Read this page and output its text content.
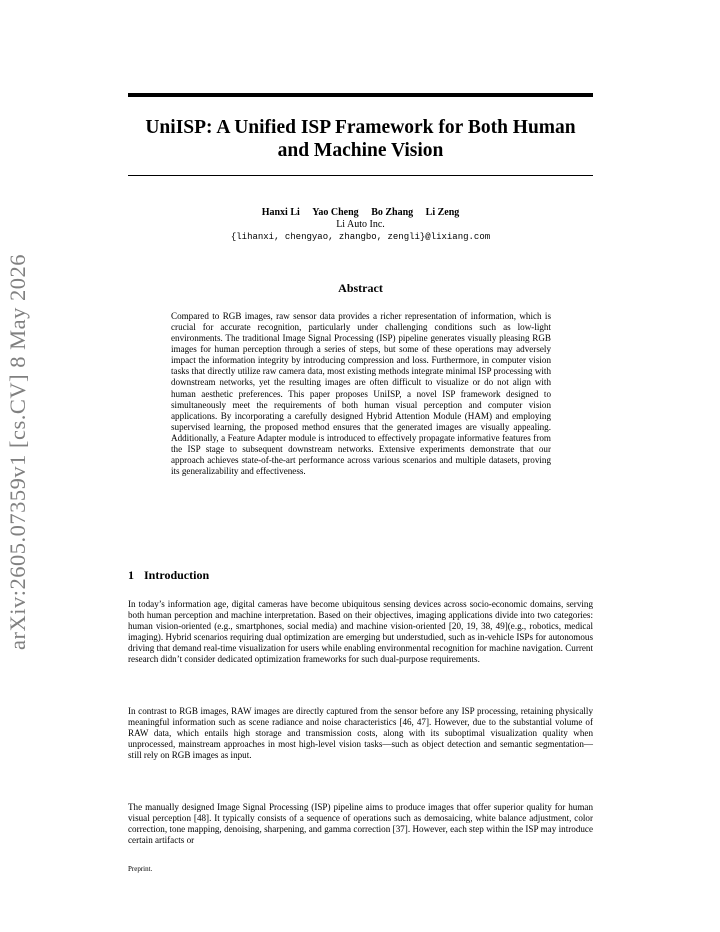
arXiv:2605.07359v1 [cs.CV] 8 May 2026
UniISP: A Unified ISP Framework for Both Human
and Machine Vision
Hanxi Li Yao Cheng Bo Zhang Li Zeng
Li Auto Inc.
{lihanxi, chengyao, zhangbo, zengli}@lixiang.com
Abstract

Compared to RGB images, raw sensor data provides a richer representation of information, which is crucial for accurate recognition, particularly under challenging conditions such as low-light environments. The traditional Image Signal Processing (ISP) pipeline generates visually pleasing RGB images for human perception through a series of steps, but some of these operations may adversely impact the information integrity by introducing compression and loss. Furthermore, in computer vision tasks that directly utilize raw camera data, most existing methods integrate minimal ISP processing with downstream networks, yet the resulting images are often difficult to visualize or do not align with human aesthetic preferences. This paper proposes UniISP, a novel ISP framework designed to simultaneously meet the requirements of both human visual perception and computer vision applications. By incorporating a carefully designed Hybrid Attention Module (HAM) and employing supervised learning, the proposed method ensures that the generated images are visually appealing. Additionally, a Feature Adapter module is introduced to effectively propagate informative features from the ISP stage to subsequent downstream networks. Extensive experiments demonstrate that our approach achieves state-of-the-art performance across various scenarios and multiple datasets, proving its generalizability and effectiveness.

1 Introduction

In today’s information age, digital cameras have become ubiquitous sensing devices across socio-economic domains, serving both human perception and machine interpretation. Based on their objectives, imaging applications divide into two categories: human vision-oriented (e.g., smartphones, social media) and machine vision-oriented [20, 19, 38, 49](e.g., robotics, medical imaging). Hybrid scenarios requiring dual optimization are emerging but understudied, such as in-vehicle ISPs for autonomous driving that demand real-time visualization for users while enabling environmental recognition for machine navigation. Current research didn’t consider dedicated optimization frameworks for such dual-purpose requirements.

In contrast to RGB images, RAW images are directly captured from the sensor before any ISP processing, retaining physically meaningful information such as scene radiance and noise characteristics [46, 47]. However, due to the substantial volume of RAW data, which entails high storage and transmission costs, along with its suboptimal visualization quality when unprocessed, mainstream approaches in most high-level vision tasks—such as object detection and semantic segmentation—still rely on RGB images as input.

The manually designed Image Signal Processing (ISP) pipeline aims to produce images that offer superior quality for human visual perception [48]. It typically consists of a sequence of operations such as demosaicing, white balance adjustment, color correction, tone mapping, denoising, sharpening, and gamma correction [37]. However, each step within the ISP may introduce certain artifacts or

Preprint.
